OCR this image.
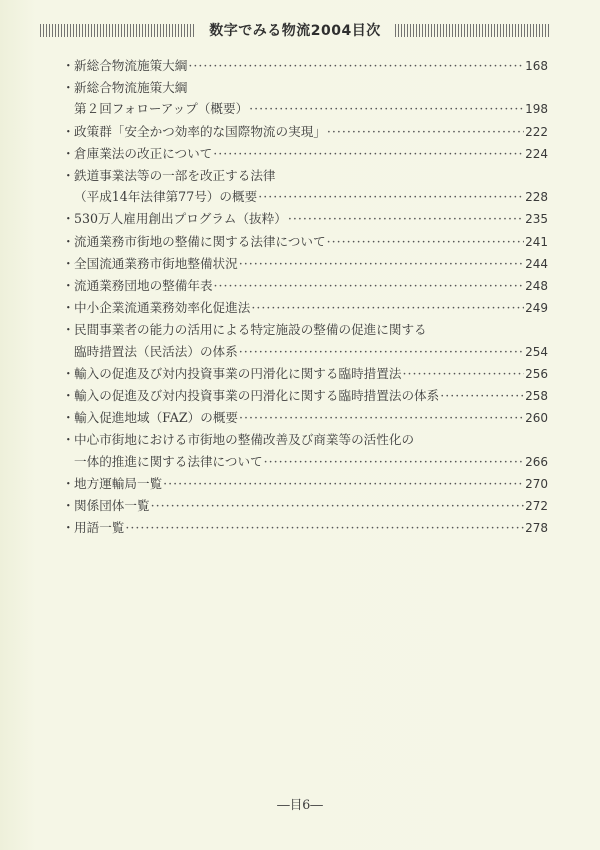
数字でみる物流2004目次
・ 新総合物流施策大綱 ·····	168
・ 新総合物流施策大綱
第２回フォローアップ（概要） ·····	198
・ 政策群「安全かつ効率的な国際物流の実現」 ·····	222
・ 倉庫業法の改正について ·····	224
・ 鉄道事業法等の一部を改正する法律
（平成14年法律第77号）の概要 ·····	228
・ 530万人雇用創出プログラム（抜粋） ·····	235
・ 流通業務市街地の整備に関する法律について ·····	241
・ 全国流通業務市街地整備状況 ·····	244
・ 流通業務団地の整備年表 ·····	248
・ 中小企業流通業務効率化促進法 ·····	249
・ 民間事業者の能力の活用による特定施設の整備の促進に関する
臨時措置法（民活法）の体系 ·····	254
・ 輸入の促進及び対内投資事業の円滑化に関する臨時措置法 ·····	256
・ 輸入の促進及び対内投資事業の円滑化に関する臨時措置法の体系 ·····	258
・ 輸入促進地域（FAZ）の概要 ·····	260
・ 中心市街地における市街地の整備改善及び商業等の活性化の
一体的推進に関する法律について ·····	266
・ 地方運輸局一覧 ·····	270
・ 関係団体一覧 ·····	272
・ 用語一覧 ·····	278
―目6―
